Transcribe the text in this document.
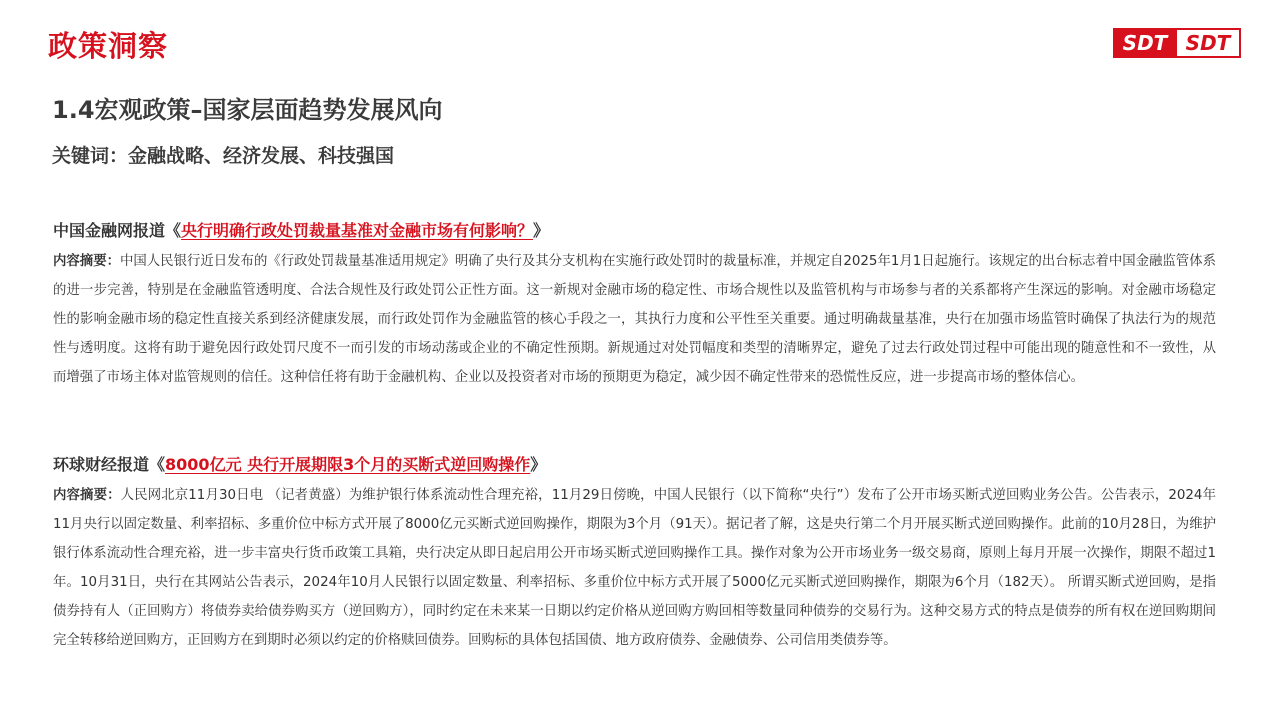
政策洞察	SDT SDT
1.4宏观政策–国家层面趋势发展风向
关键词：金融战略、经济发展、科技强国
中国金融网报道《央行明确行政处罚裁量基准对金融市场有何影响？》

内容摘要：中国人民银行近日发布的《行政处罚裁量基准适用规定》明确了央行及其分支机构在实施行政处罚时的裁量标准，并规定自2025年1月1日起施行。该规定的出台标志着中国金融监管体系的进一步完善，特别是在金融监管透明度、合法合规性及行政处罚公正性方面。这一新规对金融市场的稳定性、市场合规性以及监管机构与市场参与者的关系都将产生深远的影响。对金融市场稳定性的影响金融市场的稳定性直接关系到经济健康发展，而行政处罚作为金融监管的核心手段之一，其执行力度和公平性至关重要。通过明确裁量基准，央行在加强市场监管时确保了执法行为的规范性与透明度。这将有助于避免因行政处罚尺度不一而引发的市场动荡或企业的不确定性预期。新规通过对处罚幅度和类型的清晰界定，避免了过去行政处罚过程中可能出现的随意性和不一致性，从而增强了市场主体对监管规则的信任。这种信任将有助于金融机构、企业以及投资者对市场的预期更为稳定，减少因不确定性带来的恐慌性反应，进一步提高市场的整体信心。

环球财经报道《8000亿元 央行开展期限3个月的买断式逆回购操作》

内容摘要：人民网北京11月30日电 （记者黄盛）为维护银行体系流动性合理充裕，11月29日傍晚，中国人民银行（以下简称“央行”）发布了公开市场买断式逆回购业务公告。公告表示，2024年11月央行以固定数量、利率招标、多重价位中标方式开展了8000亿元买断式逆回购操作，期限为3个月（91天）。据记者了解，这是央行第二个月开展买断式逆回购操作。此前的10月28日，为维护银行体系流动性合理充裕，进一步丰富央行货币政策工具箱，央行决定从即日起启用公开市场买断式逆回购操作工具。操作对象为公开市场业务一级交易商，原则上每月开展一次操作，期限不超过1年。10月31日，央行在其网站公告表示，2024年10月人民银行以固定数量、利率招标、多重价位中标方式开展了5000亿元买断式逆回购操作，期限为6个月（182天）。 所谓买断式逆回购，是指债券持有人（正回购方）将债券卖给债券购买方（逆回购方），同时约定在未来某一日期以约定价格从逆回购方购回相等数量同种债券的交易行为。这种交易方式的特点是债券的所有权在逆回购期间完全转移给逆回购方，正回购方在到期时必须以约定的价格赎回债券。回购标的具体包括国债、地方政府债券、金融债券、公司信用类债券等。
